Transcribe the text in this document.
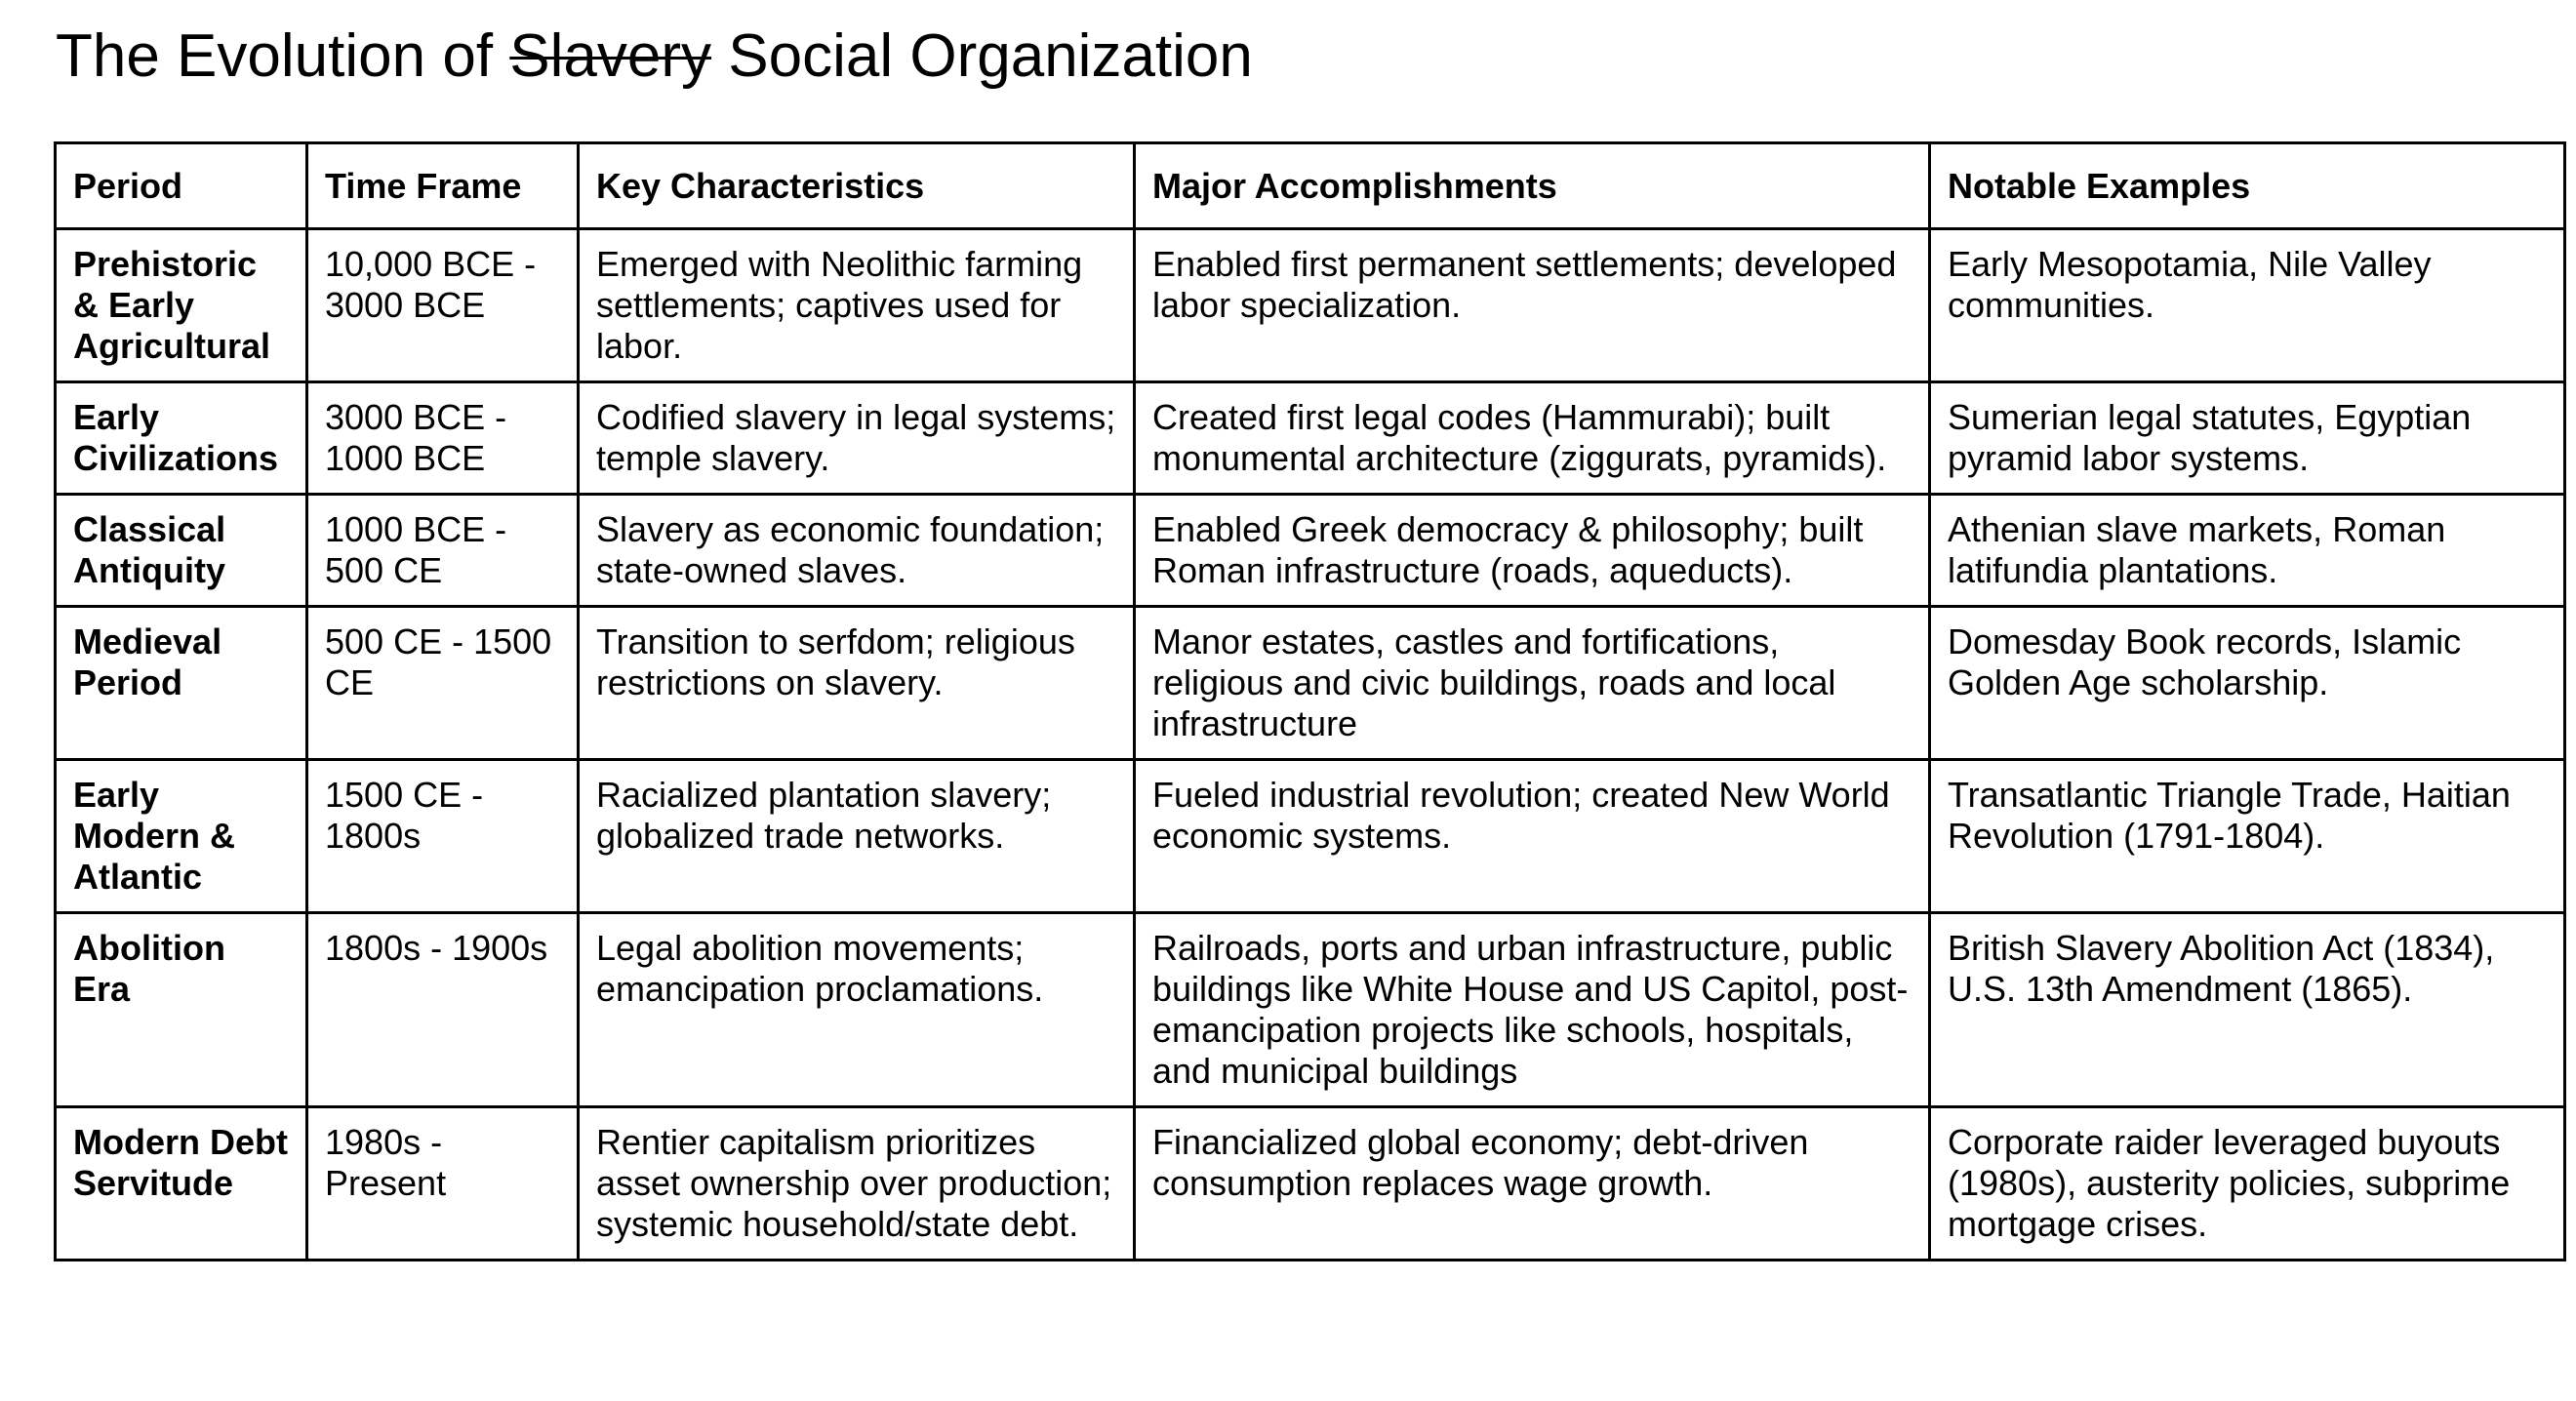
The Evolution of Slavery Social Organization
Period	Time Frame	Key Characteristics	Major Accomplishments	Notable Examples
Prehistoric & Early Agricultural	10,000 BCE - 3000 BCE	Emerged with Neolithic farming settlements; captives used for labor.	Enabled first permanent settlements; developed labor specialization.	Early Mesopotamia, Nile Valley communities.
Early Civilizations	3000 BCE - 1000 BCE	Codified slavery in legal systems; temple slavery.	Created first legal codes (Hammurabi); built monumental architecture (ziggurats, pyramids).	Sumerian legal statutes, Egyptian pyramid labor systems.
Classical Antiquity	1000 BCE - 500 CE	Slavery as economic foundation; state-owned slaves.	Enabled Greek democracy & philosophy; built Roman infrastructure (roads, aqueducts).	Athenian slave markets, Roman latifundia plantations.
Medieval Period	500 CE - 1500 CE	Transition to serfdom; religious restrictions on slavery.	Manor estates, castles and fortifications, religious and civic buildings, roads and local infrastructure	Domesday Book records, Islamic Golden Age scholarship.
Early Modern & Atlantic	1500 CE - 1800s	Racialized plantation slavery; globalized trade networks.	Fueled industrial revolution; created New World economic systems.	Transatlantic Triangle Trade, Haitian Revolution (1791-1804).
Abolition Era	1800s - 1900s	Legal abolition movements; emancipation proclamations.	Railroads, ports and urban infrastructure, public buildings like White House and US Capitol, post-emancipation projects like schools, hospitals, and municipal buildings	British Slavery Abolition Act (1834), U.S. 13th Amendment (1865).
Modern Debt Servitude	1980s - Present	Rentier capitalism prioritizes asset ownership over production; systemic household/state debt.	Financialized global economy; debt-driven consumption replaces wage growth.	Corporate raider leveraged buyouts (1980s), austerity policies, subprime mortgage crises.
